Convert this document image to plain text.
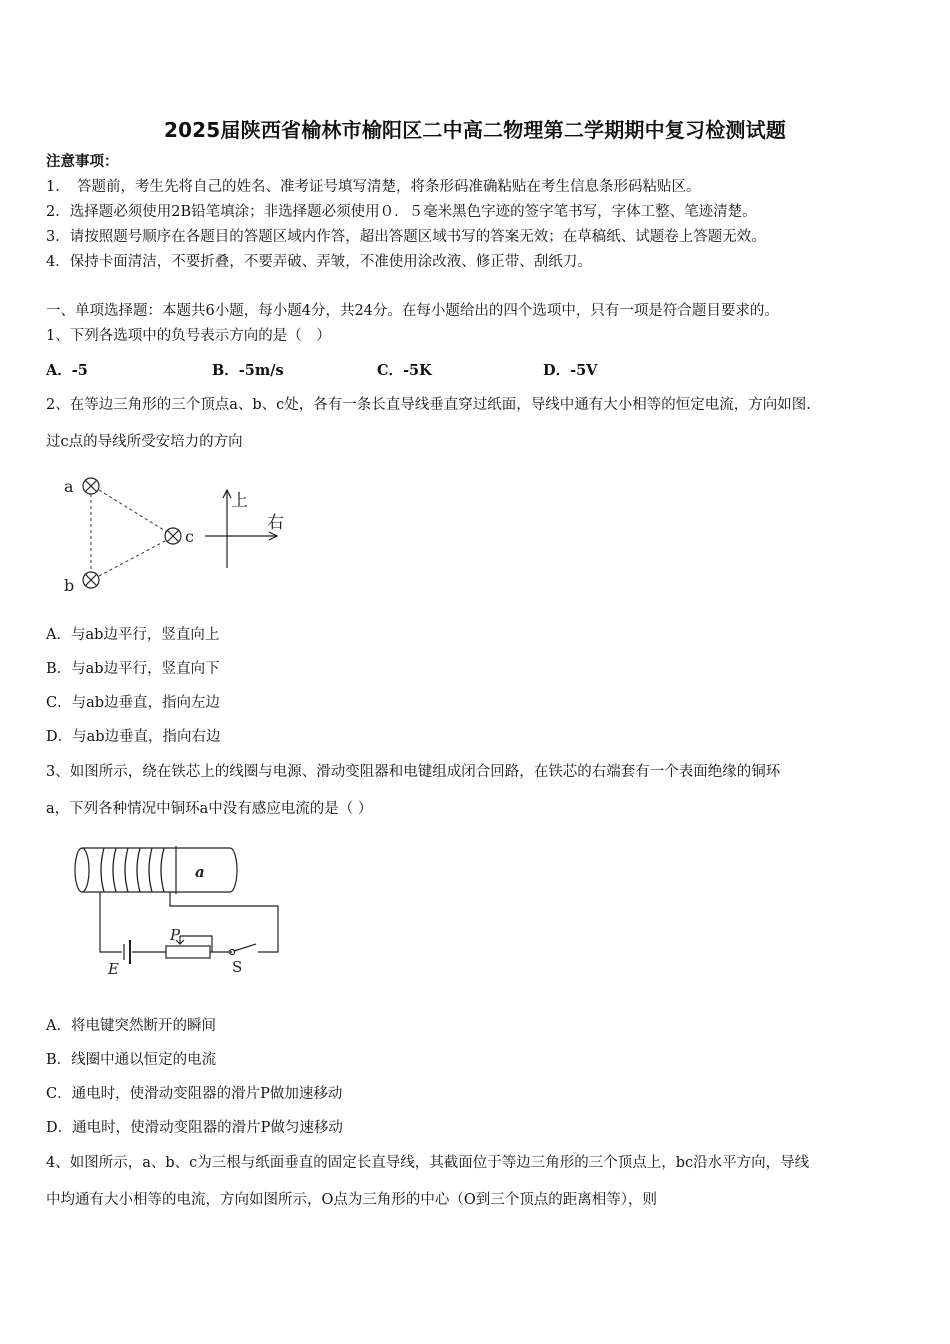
2025届陕西省榆林市榆阳区二中高二物理第二学期期中复习检测试题
注意事项：
1．　答题前，考生先将自己的姓名、准考证号填写清楚，将条形码准确粘贴在考生信息条形码粘贴区。
2．选择题必须使用2B铅笔填涂；非选择题必须使用０．５毫米黑色字迹的签字笔书写，字体工整、笔迹清楚。
3．请按照题号顺序在各题目的答题区域内作答，超出答题区域书写的答案无效；在草稿纸、试题卷上答题无效。
4．保持卡面清洁，不要折叠，不要弄破、弄皱，不准使用涂改液、修正带、刮纸刀。
一、单项选择题：本题共6小题，每小题4分，共24分。在每小题给出的四个选项中，只有一项是符合题目要求的。
1、下列各选项中的负号表示方向的是（　）
A．-5	B．-5m/s	C．-5K	D．-5V
2、在等边三角形的三个顶点a、b、c处，各有一条长直导线垂直穿过纸面，导线中通有大小相等的恒定电流，方向如图.
过c点的导线所受安培力的方向
a
b
c
上
右
A．与ab边平行，竖直向上
B．与ab边平行，竖直向下
C．与ab边垂直，指向左边
D．与ab边垂直，指向右边
3、如图所示，绕在铁芯上的线圈与电源、滑动变阻器和电键组成闭合回路，在铁芯的右端套有一个表面绝缘的铜环
a，下列各种情况中铜环a中没有感应电流的是（ ）
a
E
P
S
A．将电键突然断开的瞬间
B．线圈中通以恒定的电流
C．通电时，使滑动变阻器的滑片P做加速移动
D．通电时，使滑动变阻器的滑片P做匀速移动
4、如图所示，a、b、c为三根与纸面垂直的固定长直导线，其截面位于等边三角形的三个顶点上，bc沿水平方向，导线
中均通有大小相等的电流，方向如图所示，O点为三角形的中心（O到三个顶点的距离相等），则
